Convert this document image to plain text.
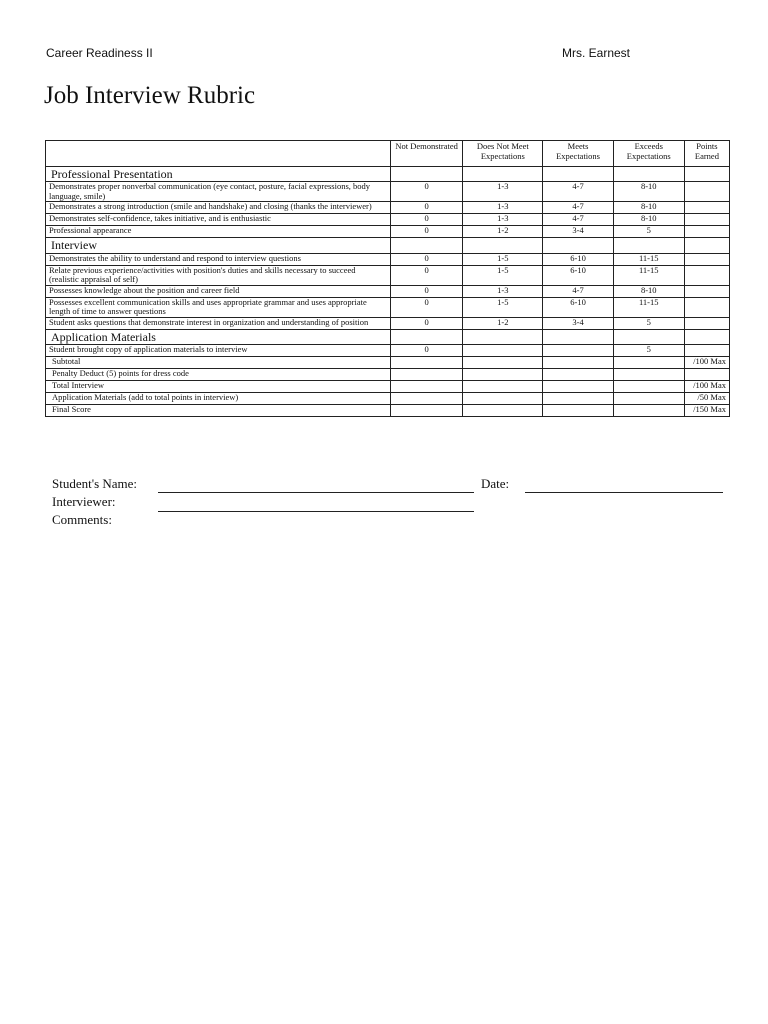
Career Readiness II	Mrs. Earnest
Job Interview Rubric
	Not Demonstrated	Does Not Meet Expectations	Meets Expectations	Exceeds Expectations	Points Earned
Professional Presentation					
Demonstrates proper nonverbal communication (eye contact, posture, facial expressions, body language, smile)	0	1-3	4-7	8-10	
Demonstrates a strong introduction (smile and handshake) and closing (thanks the interviewer)	0	1-3	4-7	8-10	
Demonstrates self-confidence, takes initiative, and is enthusiastic	0	1-3	4-7	8-10	
Professional appearance	0	1-2	3-4	5	
Interview					
Demonstrates the ability to understand and respond to interview questions	0	1-5	6-10	11-15	
Relate previous experience/activities with position's duties and skills necessary to succeed (realistic appraisal of self)	0	1-5	6-10	11-15	
Possesses knowledge about the position and career field	0	1-3	4-7	8-10	
Possesses excellent communication skills and uses appropriate grammar and uses appropriate length of time to answer questions	0	1-5	6-10	11-15	
Student asks questions that demonstrate interest in organization and understanding of position	0	1-2	3-4	5	
Application Materials					
Student brought copy of application materials to interview	0			5	
Subtotal					/100 Max
Penalty Deduct (5) points for dress code					
Total Interview					/100 Max
Application Materials (add to total points in interview)					/50 Max
Final Score					/150 Max
Student's Name:	Date:
Interviewer:
Comments:
